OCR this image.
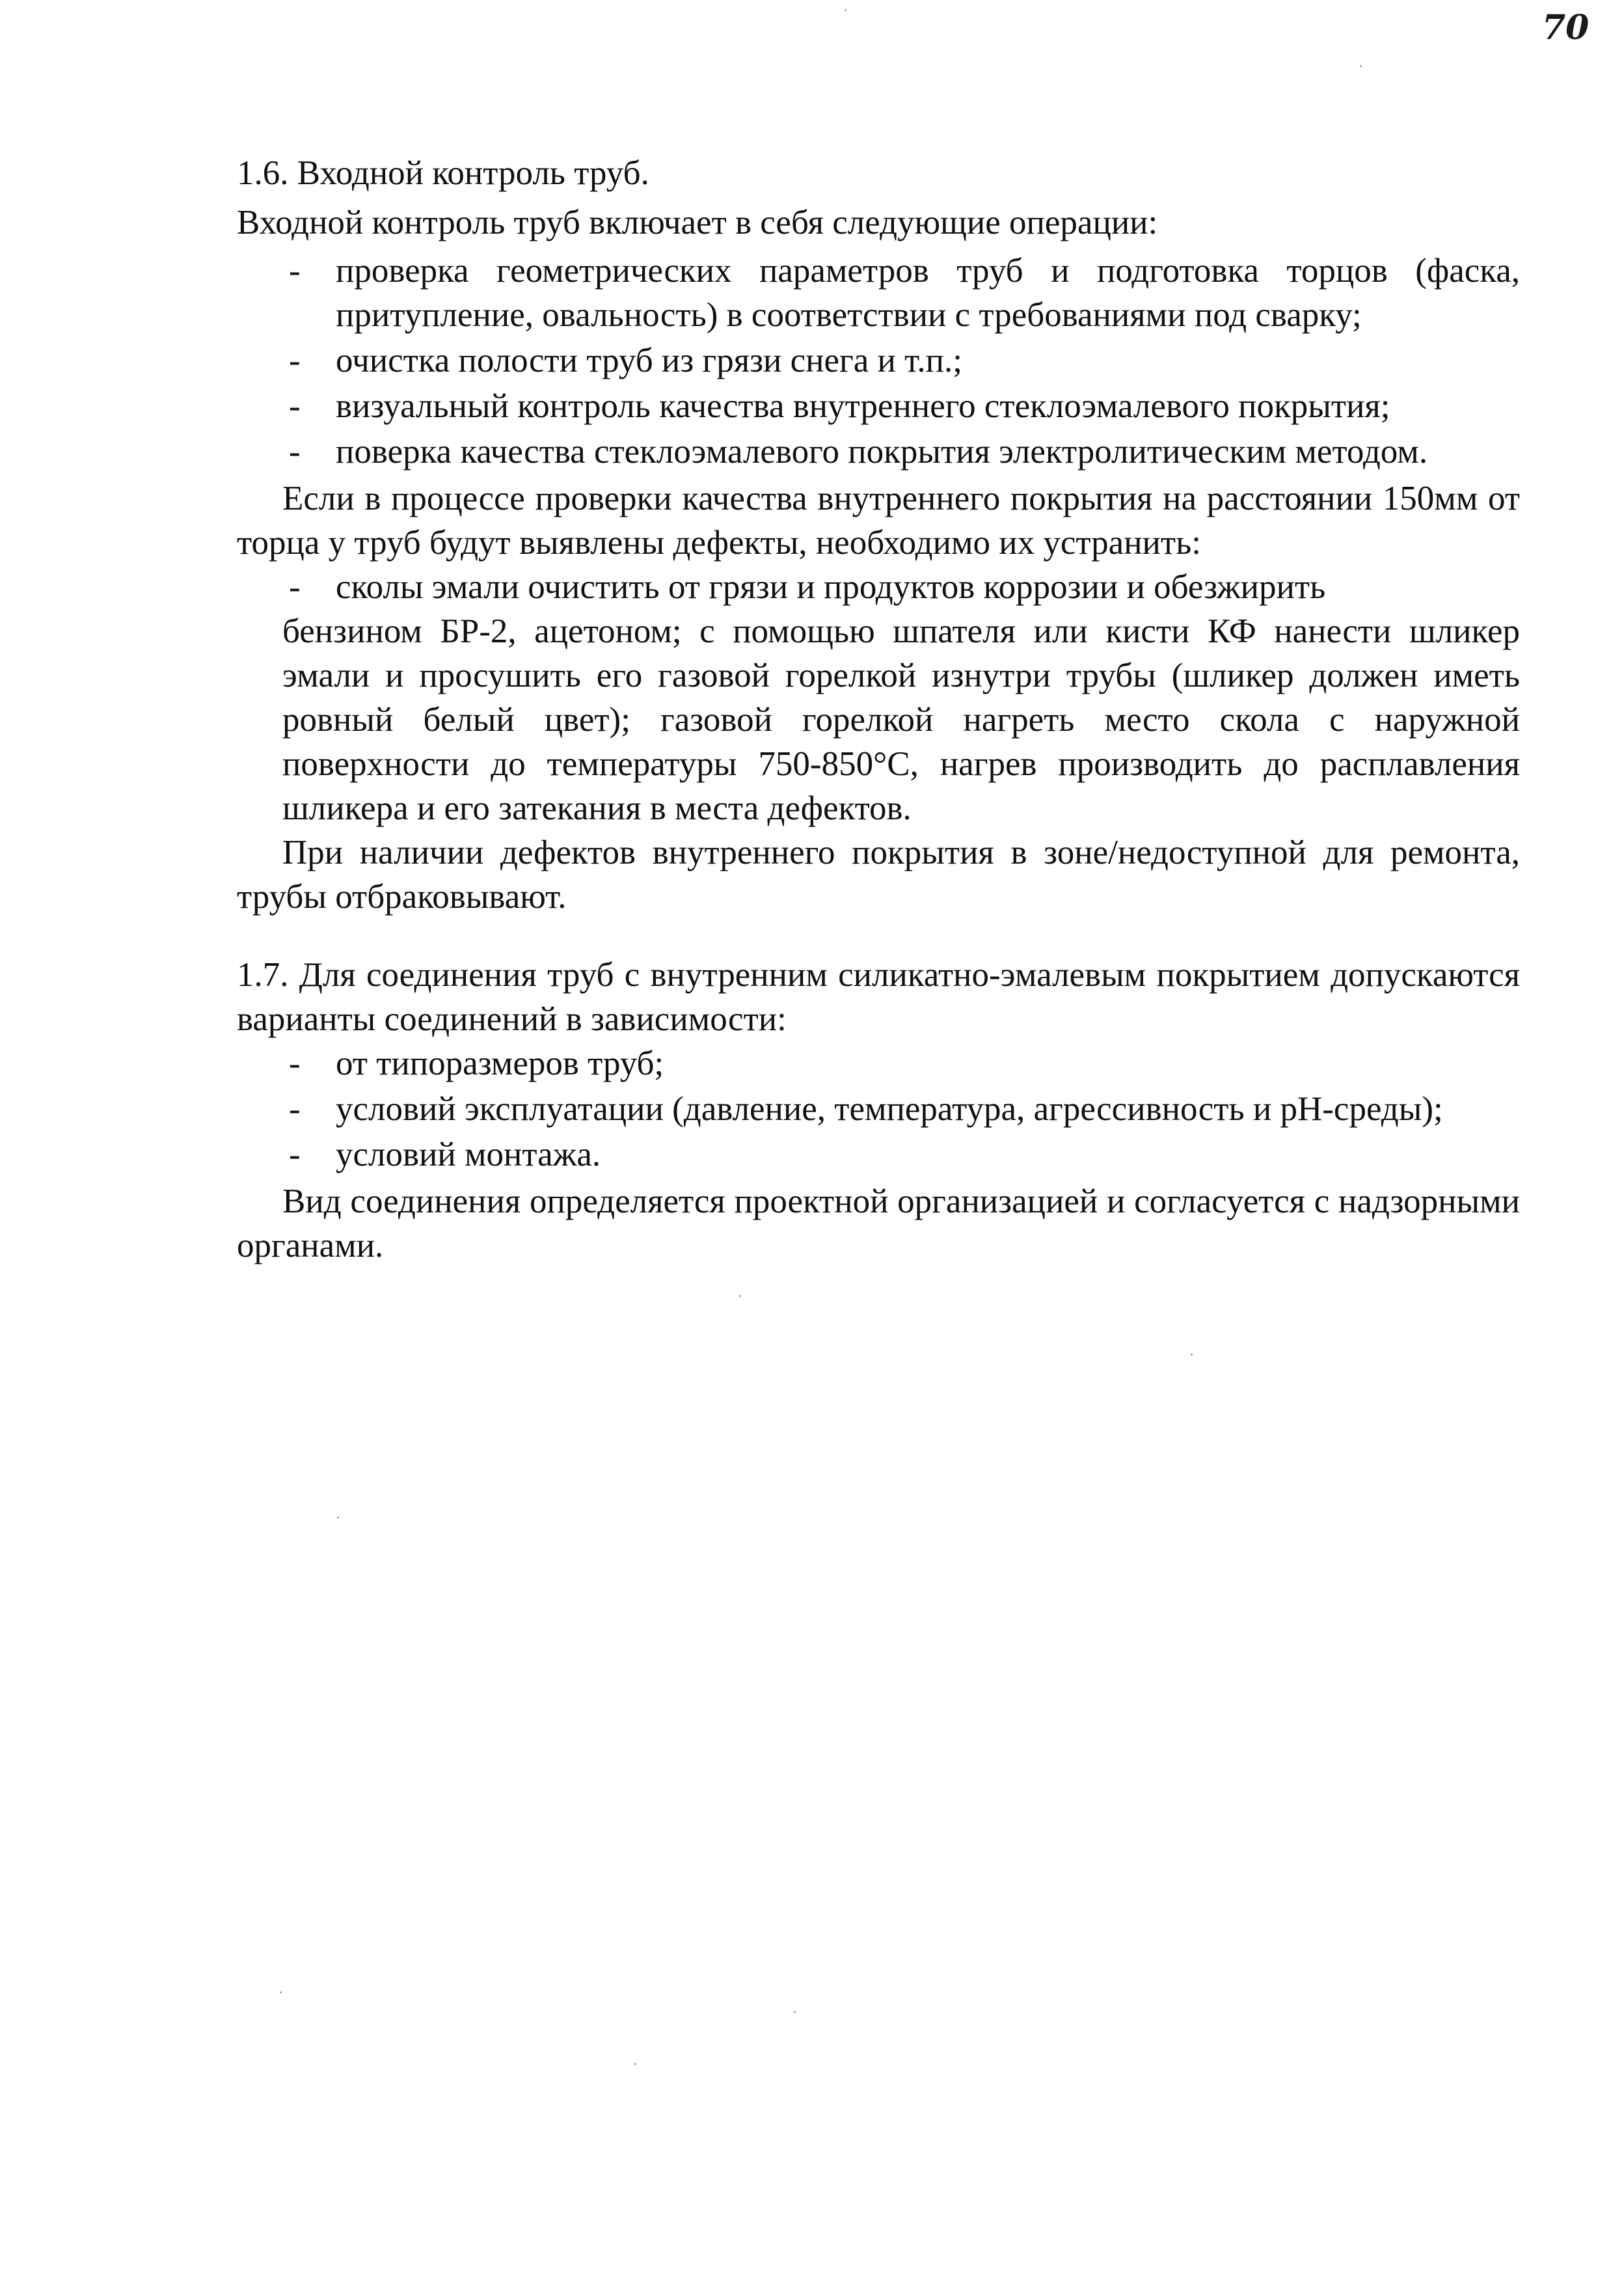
70

1.6. Входной контроль труб.

Входной контроль труб включает в себя следующие операции:

- проверка геометрических параметров труб и подготовка торцов (фаска, притупление, овальность) в соответствии с требованиями под сварку;
- очистка полости труб из грязи снега и т.п.;
- визуальный контроль качества внутреннего стеклоэмалевого покрытия;
- поверка качества стеклоэмалевого покрытия электролитическим методом.

Если в процессе проверки качества внутреннего покрытия на расстоянии 150мм от торца у труб будут выявлены дефекты, необходимо их устранить:

- сколы эмали очистить от грязи и продуктов коррозии и обезжирить
бензином БР-2, ацетоном; с помощью шпателя или кисти КФ нанести шликер эмали и просушить его газовой горелкой изнутри трубы (шликер должен иметь ровный белый цвет); газовой горелкой нагреть место скола с наружной поверхности до температуры 750-850°С, нагрев производить до расплавления шликера и его затекания в места дефектов.

При наличии дефектов внутреннего покрытия в зоне/недоступной для ремонта, трубы отбраковывают.

1.7. Для соединения труб с внутренним силикатно-эмалевым покрытием допускаются варианты соединений в зависимости:

- от типоразмеров труб;
- условий эксплуатации (давление, температура, агрессивность и рН-среды);
- условий монтажа.

Вид соединения определяется проектной организацией и согласуется с надзорными органами.
